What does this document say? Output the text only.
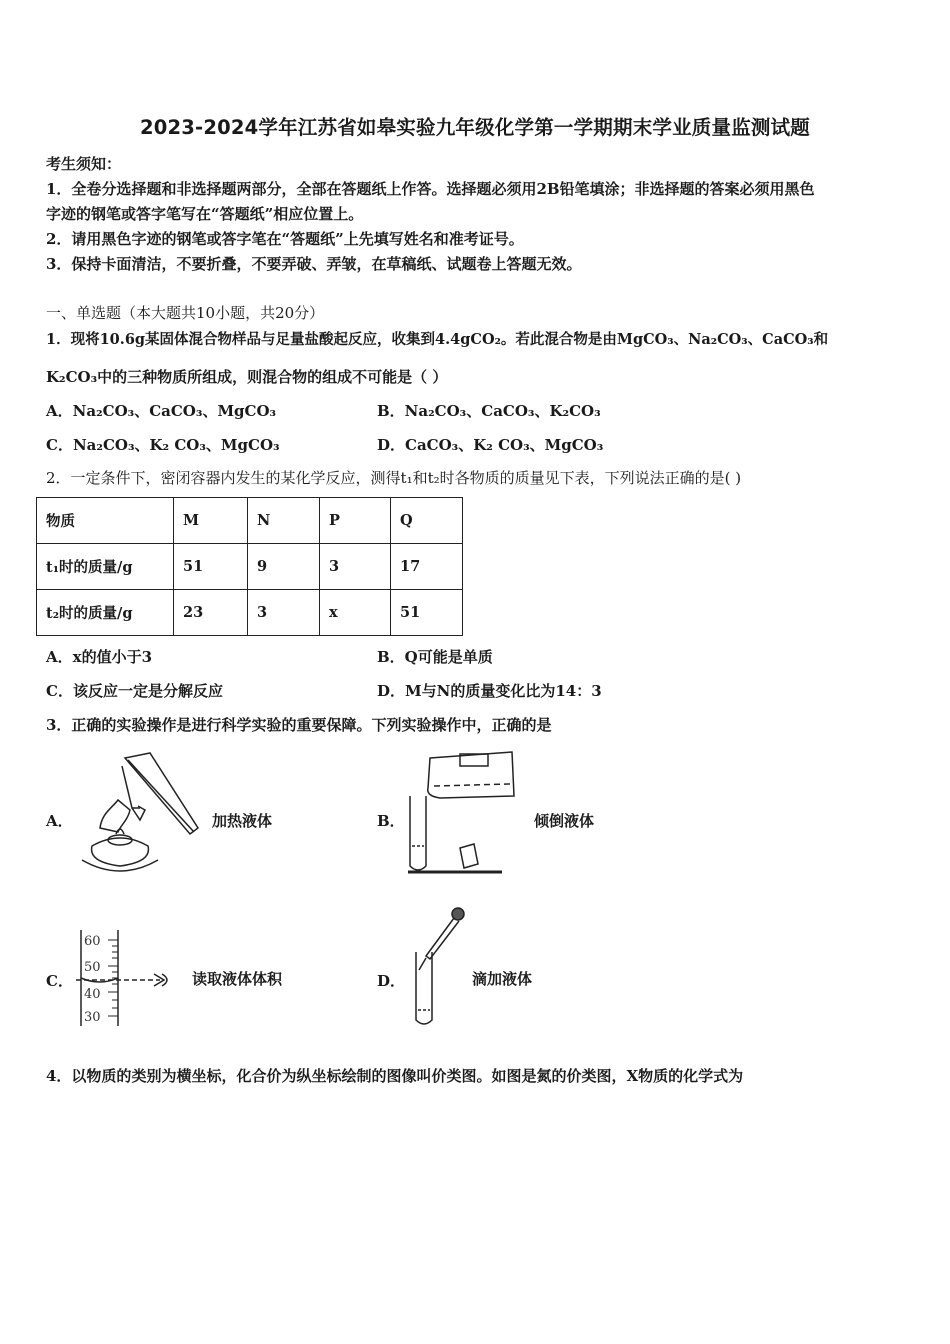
2023-2024学年江苏省如皋实验九年级化学第一学期期末学业质量监测试题
考生须知：
1．全卷分选择题和非选择题两部分，全部在答题纸上作答。选择题必须用2B铅笔填涂；非选择题的答案必须用黑色
字迹的钢笔或答字笔写在“答题纸”相应位置上。
2．请用黑色字迹的钢笔或答字笔在“答题纸”上先填写姓名和准考证号。
3．保持卡面清洁，不要折叠，不要弄破、弄皱，在草稿纸、试题卷上答题无效。
一、单选题（本大题共10小题，共20分）
1．现将10.6g某固体混合物样品与足量盐酸起反应，收集到4.4gCO₂。若此混合物是由MgCO₃、Na₂CO₃、CaCO₃和
K₂CO₃中的三种物质所组成，则混合物的组成不可能是（ ）
A．Na₂CO₃、CaCO₃、MgCO₃	B．Na₂CO₃、CaCO₃、K₂CO₃
C．Na₂CO₃、K₂ CO₃、MgCO₃	D．CaCO₃、K₂ CO₃、MgCO₃
2．一定条件下，密闭容器内发生的某化学反应，测得t₁和t₂时各物质的质量见下表，下列说法正确的是( )
物质	M	N	P	Q
t₁时的质量/g	51	9	3	17
t₂时的质量/g	23	3	x	51
A．x的值小于3	B．Q可能是单质
C．该反应一定是分解反应	D．M与N的质量变化比为14：3
3．正确的实验操作是进行科学实验的重要保障。下列实验操作中，正确的是
A．	加热液体	B．	倾倒液体
C．
60
50
40
30
读取液体体积	D．	滴加液体
4．以物质的类别为横坐标，化合价为纵坐标绘制的图像叫价类图。如图是氮的价类图，X物质的化学式为
